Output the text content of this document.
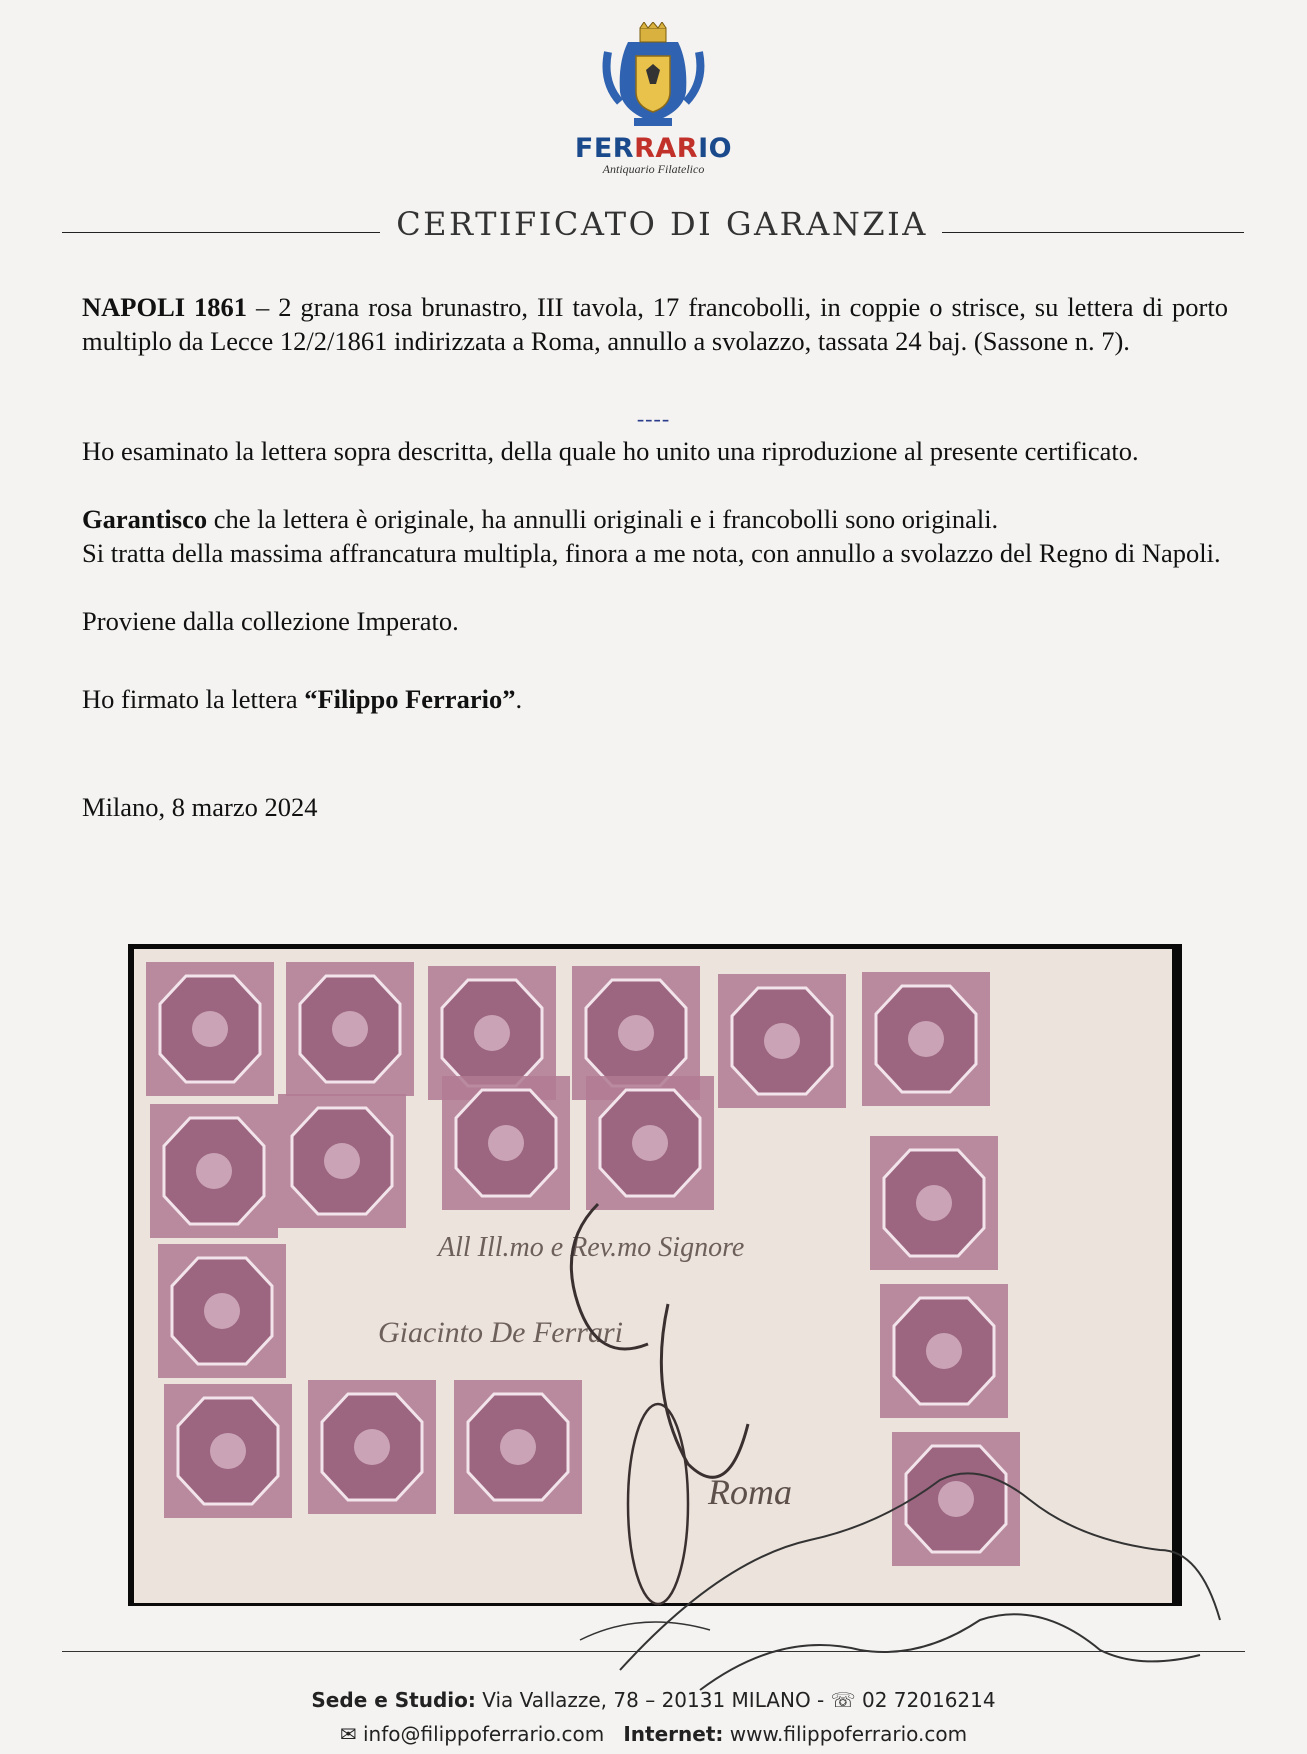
FERRARIO
Antiquario Filatelico
CERTIFICATO DI GARANZIA
NAPOLI 1861 – 2 grana rosa brunastro, III tavola, 17 francobolli, in coppie o strisce, su lettera di porto multiplo da Lecce 12/2/1861 indirizzata a Roma, annullo a svolazzo, tassata 24 baj. (Sassone n. 7).
----
Ho esaminato la lettera sopra descritta, della quale ho unito una riproduzione al presente certificato.
Garantisco che la lettera è originale, ha annulli originali e i francobolli sono originali.
Si tratta della massima affrancatura multipla, finora a me nota, con annullo a svolazzo del Regno di Napoli.
Proviene dalla collezione Imperato.
Ho firmato la lettera “Filippo Ferrario”.
Milano, 8 marzo 2024
All Ill.mo e Rev.mo Signore
Giacinto De Ferrari
Roma
Sede e Studio: Via Vallazze, 78 – 20131 MILANO - ☏ 02 72016214
✉ info@filippoferrario.com Internet: www.filippoferrario.com
